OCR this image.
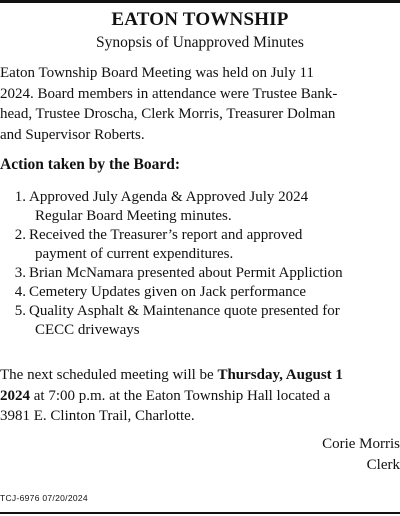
EATON TOWNSHIP
Synopsis of Unapproved Minutes

Eaton Township Board Meeting was held on July 11
2024. Board members in attendance were Trustee Bank-
head, Trustee Droscha, Clerk Morris, Treasurer Dolman
and Supervisor Roberts.

Action taken by the Board:
1. Approved July Agenda & Approved July 2024
Regular Board Meeting minutes.
2. Received the Treasurer’s report and approved
payment of current expenditures.
3. Brian McNamara presented about Permit Appliction
4. Cemetery Updates given on Jack performance
5. Quality Asphalt & Maintenance quote presented for
CECC driveways
The next scheduled meeting will be Thursday, August 1
2024 at 7:00 p.m. at the Eaton Township Hall located a
3981 E. Clinton Trail, Charlotte.
Corie Morris
Clerk
TCJ-6976 07/20/2024
